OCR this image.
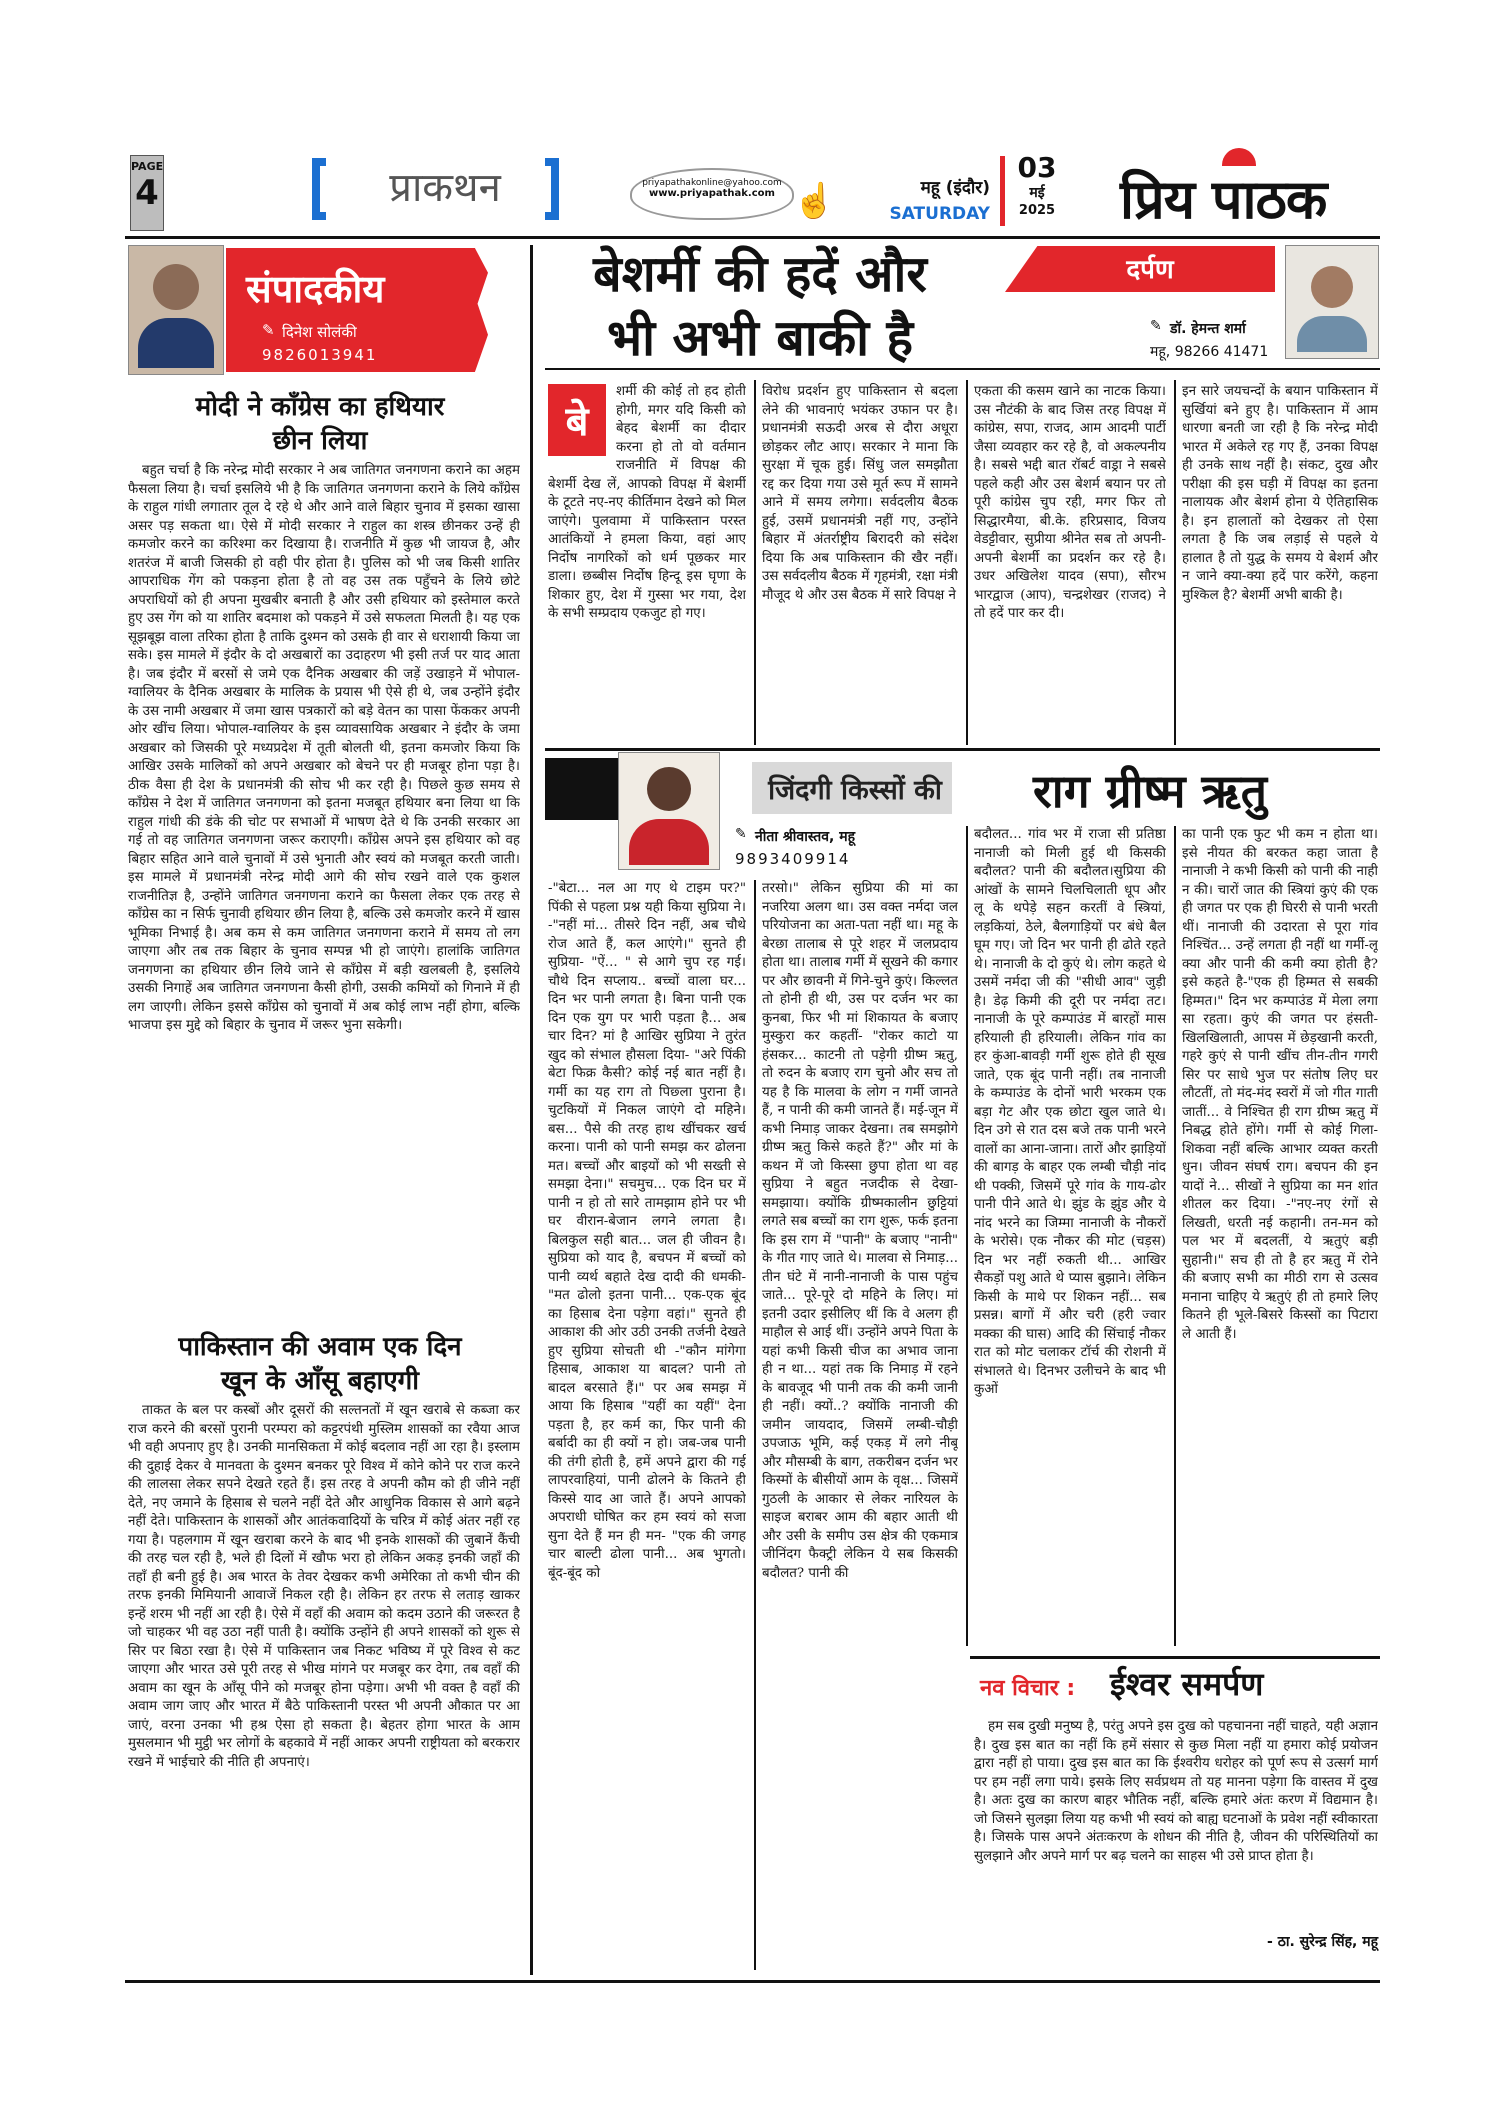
PAGE
4	प्राकथन	priyapathakonline@yahoo.com
www.priyapathak.com ☝	महू (इंदौर)
SATURDAY
03
मई
2025 प्रिय पाठक
संपादकीय
✎ दिनेश सोलंकी
9826013941
मोदी ने काँग्रेस का हथियार छीन लिया

बहुत चर्चा है कि नरेन्द्र मोदी सरकार ने अब जातिगत जनगणना कराने का अहम फैसला लिया है। चर्चा इसलिये भी है कि जातिगत जनगणना कराने के लिये काँग्रेस के राहुल गांधी लगातार तूल दे रहे थे और आने वाले बिहार चुनाव में इसका खासा असर पड़ सकता था। ऐसे में मोदी सरकार ने राहुल का शस्त्र छीनकर उन्हें ही कमजोर करने का करिश्मा कर दिखाया है। राजनीति में कुछ भी जायज है, और शतरंज में बाजी जिसकी हो वही पीर होता है। पुलिस को भी जब किसी शातिर आपराधिक गेंग को पकड़ना होता है तो वह उस तक पहुँचने के लिये छोटे अपराधियों को ही अपना मुखबीर बनाती है और उसी हथियार को इस्तेमाल करते हुए उस गेंग को या शातिर बदमाश को पकड़ने में उसे सफलता मिलती है। यह एक सूझबूझ वाला तरिका होता है ताकि दुश्मन को उसके ही वार से धराशायी किया जा सके। इस मामले में इंदौर के दो अखबारों का उदाहरण भी इसी तर्ज पर याद आता है। जब इंदौर में बरसों से जमे एक दैनिक अखबार की जड़ें उखाड़ने में भोपाल-ग्वालियर के दैनिक अखबार के मालिक के प्रयास भी ऐसे ही थे, जब उन्होंने इंदौर के उस नामी अखबार में जमा खास पत्रकारों को बड़े वेतन का पासा फेंककर अपनी ओर खींच लिया। भोपाल-ग्वालियर के इस व्यावसायिक अखबार ने इंदौर के जमा अखबार को जिसकी पूरे मध्यप्रदेश में तूती बोलती थी, इतना कमजोर किया कि आखिर उसके मालिकों को अपने अखबार को बेचने पर ही मजबूर होना पड़ा है। ठीक वैसा ही देश के प्रधानमंत्री की सोच भी कर रही है। पिछले कुछ समय से कॉंग्रेस ने देश में जातिगत जनगणना को इतना मजबूत हथियार बना लिया था कि राहुल गांधी की डंके की चोट पर सभाओं में भाषण देते थे कि उनकी सरकार आ गई तो वह जातिगत जनगणना जरूर कराएगी। कॉंग्रेस अपने इस हथियार को वह बिहार सहित आने वाले चुनावों में उसे भुनाती और स्वयं को मजबूत करती जाती। इस मामले में प्रधानमंत्री नरेन्द्र मोदी आगे की सोच रखने वाले एक कुशल राजनीतिज्ञ है, उन्होंने जातिगत जनगणना कराने का फैसला लेकर एक तरह से कॉंग्रेस का न सिर्फ चुनावी हथियार छीन लिया है, बल्कि उसे कमजोर करने में खास भूमिका निभाई है। अब कम से कम जातिगत जनगणना कराने में समय तो लग जाएगा और तब तक बिहार के चुनाव सम्पन्न भी हो जाएंगे। हालांकि जातिगत जनगणना का हथियार छीन लिये जाने से कॉंग्रेस में बड़ी खलबली है, इसलिये उसकी निगाहें अब जातिगत जनगणना कैसी होगी, उसकी कमियों को गिनाने में ही लग जाएगी। लेकिन इससे कॉंग्रेस को चुनावों में अब कोई लाभ नहीं होगा, बल्कि भाजपा इस मुद्दे को बिहार के चुनाव में जरूर भुना सकेगी।

पाकिस्तान की अवाम एक दिन खून के आँसू बहाएगी

ताकत के बल पर कस्बों और दूसरों की सल्तनतों में खून खराबे से कब्जा कर राज करने की बरसों पुरानी परम्परा को कट्टरपंथी मुस्लिम शासकों का रवैया आज भी वही अपनाए हुए है। उनकी मानसिकता में कोई बदलाव नहीं आ रहा है। इस्लाम की दुहाई देकर वे मानवता के दुश्मन बनकर पूरे विश्व में कोने कोने पर राज करने की लालसा लेकर सपने देखते रहते हैं। इस तरह वे अपनी कौम को ही जीने नहीं देते, नए जमाने के हिसाब से चलने नहीं देते और आधुनिक विकास से आगे बढ़ने नहीं देते। पाकिस्तान के शासकों और आतंकवादियों के चरित्र में कोई अंतर नहीं रह गया है। पहलगाम में खून खराबा करने के बाद भी इनके शासकों की जुबानें कैंची की तरह चल रही है, भले ही दिलों में खौफ भरा हो लेकिन अकड़ इनकी जहाँ की तहाँ ही बनी हुई है। अब भारत के तेवर देखकर कभी अमेरिका तो कभी चीन की तरफ इनकी मिमियानी आवाजें निकल रही है। लेकिन हर तरफ से लताड़ खाकर इन्हें शरम भी नहीं आ रही है। ऐसे में वहाँ की अवाम को कदम उठाने की जरूरत है जो चाहकर भी वह उठा नहीं पाती है। क्योंकि उन्होंने ही अपने शासकों को शुरू से सिर पर बिठा रखा है। ऐसे में पाकिस्तान जब निकट भविष्य में पूरे विश्व से कट जाएगा और भारत उसे पूरी तरह से भीख मांगने पर मजबूर कर देगा, तब वहाँ की अवाम का खून के आँसू पीने को मजबूर होना पड़ेगा। अभी भी वक्त है वहाँ की अवाम जाग जाए और भारत में बैठे पाकिस्तानी परस्त भी अपनी औकात पर आ जाएं, वरना उनका भी हश्र ऐसा हो सकता है। बेहतर होगा भारत के आम मुसलमान भी मुट्ठी भर लोगों के बहकावे में नहीं आकर अपनी राष्ट्रीयता को बरकरार रखने में भाईचारे की नीति ही अपनाएं।

बेशर्मी की हदें और भी अभी बाकी है
दर्पण
✎ डॉ. हेमन्त शर्मा
महू, 98266 41471
बे
शर्मी की कोई तो हद होती होगी, मगर यदि किसी को बेहद बेशर्मी का दीदार करना हो तो वो वर्तमान राजनीति में विपक्ष की बेशर्मी देख लें, आपको विपक्ष में बेशर्मी के टूटते नए-नए कीर्तिमान देखने को मिल जाएंगे। पुलवामा में पाकिस्तान परस्त आतंकियों ने हमला किया, वहां आए निर्दोष नागरिकों को धर्म पूछकर मार डाला। छब्बीस निर्दोष हिन्दू इस घृणा के शिकार हुए, देश में गुस्सा भर गया, देश के सभी सम्प्रदाय एकजुट हो गए।
विरोध प्रदर्शन हुए पाकिस्तान से बदला लेने की भावनाएं भयंकर उफान पर है। प्रधानमंत्री सऊदी अरब से दौरा अधूरा छोड़कर लौट आए। सरकार ने माना कि सुरक्षा में चूक हुई। सिंधु जल समझौता रद्द कर दिया गया उसे मूर्त रूप में सामने आने में समय लगेगा। सर्वदलीय बैठक हुई, उसमें प्रधानमंत्री नहीं गए, उन्होंने बिहार में अंतर्राष्ट्रीय बिरादरी को संदेश दिया कि अब पाकिस्तान की खैर नहीं। उस सर्वदलीय बैठक में गृहमंत्री, रक्षा मंत्री मौजूद थे और उस बैठक में सारे विपक्ष ने
एकता की कसम खाने का नाटक किया। उस नौटंकी के बाद जिस तरह विपक्ष में कांग्रेस, सपा, राजद, आम आदमी पार्टी जैसा व्यवहार कर रहे है, वो अकल्पनीय है। सबसे भद्दी बात रॉबर्ट वाड्रा ने सबसे पहले कही और उस बेशर्म बयान पर तो पूरी कांग्रेस चुप रही, मगर फिर तो सिद्धारमैया, बी.के. हरिप्रसाद, विजय वेडट्टीवार, सुप्रीया श्रीनेत सब तो अपनी-अपनी बेशर्मी का प्रदर्शन कर रहे है। उधर अखिलेश यादव (सपा), सौरभ भारद्वाज (आप), चन्द्रशेखर (राजद) ने तो हदें पार कर दी।
इन सारे जयचन्दों के बयान पाकिस्तान में सुर्खियां बने हुए है। पाकिस्तान में आम धारणा बनती जा रही है कि नरेन्द्र मोदी भारत में अकेले रह गए हैं, उनका विपक्ष ही उनके साथ नहीं है। संकट, दुख और परीक्षा की इस घड़ी में विपक्ष का इतना नालायक और बेशर्म होना ये ऐतिहासिक है। इन हालातों को देखकर तो ऐसा लगता है कि जब लड़ाई से पहले ये हालात है तो युद्ध के समय ये बेशर्म और न जाने क्या-क्या हदें पार करेंगे, कहना मुश्किल है? बेशर्मी अभी बाकी है।
जिंदगी किस्सों की
✎ नीता श्रीवास्तव, महू
9893409914
राग ग्रीष्म ऋतु
-"बेटा... नल आ गए थे टाइम पर?" पिंकी से पहला प्रश्न यही किया सुप्रिया ने। -"नहीं मां... तीसरे दिन नहीं, अब चौथे रोज आते हैं, कल आएंगे।" सुनते ही सुप्रिया- "ऐं... " से आगे चुप रह गई। चौथे दिन सप्लाय.. बच्चों वाला घर... दिन भर पानी लगता है। बिना पानी एक दिन एक युग पर भारी पड़ता है... अब चार दिन? मां है आखिर सुप्रिया ने तुरंत खुद को संभाल हौसला दिया- "अरे पिंकी बेटा फिक्र कैसी? कोई नई बात नहीं है। गर्मी का यह राग तो पिछ्ला पुराना है। चुटकियों में निकल जाएंगे दो महिने। बस... पैसे की तरह हाथ खींचकर खर्च करना। पानी को पानी समझ कर ढोलना मत। बच्चों और बाइयों को भी सख्ती से समझा देना।" सचमुच... एक दिन घर में पानी न हो तो सारे तामझाम होने पर भी घर वीरान-बेजान लगने लगता है। बिलकुल सही बात... जल ही जीवन है। सुप्रिया को याद है, बचपन में बच्चों को पानी व्यर्थ बहाते देख दादी की धमकी- "मत ढोलो इतना पानी... एक-एक बूंद का हिसाब देना पड़ेगा वहां।" सुनते ही आकाश की ओर उठी उनकी तर्जनी देखते हुए सुप्रिया सोचती थी -"कौन मांगेगा हिसाब, आकाश या बादल? पानी तो बादल बरसाते हैं।" पर अब समझ में आया कि हिसाब "यहीं का यहीं" देना पड़ता है, हर कर्म का, फिर पानी की बर्बादी का ही क्यों न हो। जब-जब पानी की तंगी होती है, हमें अपने द्वारा की गई लापरवाहियां, पानी ढोलने के कितने ही किस्से याद आ जाते हैं। अपने आपको अपराधी घोषित कर हम स्वयं को सजा सुना देते हैं मन ही मन- "एक की जगह चार बाल्टी ढोला पानी... अब भुगतो। बूंद-बूंद को
तरसो।" लेकिन सुप्रिया की मां का नजरिया अलग था। उस वक्त नर्मदा जल परियोजना का अता-पता नहीं था। महू के बेरछा तालाब से पूरे शहर में जलप्रदाय होता था। तालाब गर्मी में सूखने की कगार पर और छावनी में गिने-चुने कुएं। किल्लत तो होनी ही थी, उस पर दर्जन भर का कुनबा, फिर भी मां शिकायत के बजाए मुस्कुरा कर कहतीं- "रोकर काटो या हंसकर... काटनी तो पड़ेगी ग्रीष्म ऋतु, तो रुदन के बजाए राग चुनो और सच तो यह है कि मालवा के लोग न गर्मी जानते हैं, न पानी की कमी जानते हैं। मई-जून में कभी निमाड़ जाकर देखना। तब समझोगे ग्रीष्म ऋतु किसे कहते हैं?" और मां के कथन में जो किस्सा छुपा होता था वह सुप्रिया ने बहुत नजदीक से देखा-समझाया। क्योंकि ग्रीष्मकालीन छुट्टियां लगते सब बच्चों का राग शुरू, फर्क इतना कि इस राग में "पानी" के बजाए "नानी" के गीत गाए जाते थे। मालवा से निमाड़... तीन घंटे में नानी-नानाजी के पास पहुंच जाते... पूरे-पूरे दो महिने के लिए। मां इतनी उदार इसीलिए थीं कि वे अलग ही माहौल से आई थीं। उन्होंने अपने पिता के यहां कभी किसी चीज का अभाव जाना ही न था... यहां तक कि निमाड़ में रहने के बावजूद भी पानी तक की कमी जानी ही नहीं। क्यों..? क्योंकि नानाजी की जमीन जायदाद, जिसमें लम्बी-चौड़ी उपजाऊ भूमि, कई एकड़ में लगे नीबू और मौसम्बी के बाग, तकरीबन दर्जन भर किस्मों के बीसीयों आम के वृक्ष... जिसमें गुठली के आकार से लेकर नारियल के साइज बराबर आम की बहार आती थी और उसी के समीप उस क्षेत्र की एकमात्र जीनिंदग फैक्ट्री लेकिन ये सब किसकी बदौलत? पानी की
बदौलत... गांव भर में राजा सी प्रतिष्ठा नानाजी को मिली हुई थी किसकी बदौलत? पानी की बदौलत।सुप्रिया की आंखों के सामने चिलचिलाती धूप और लू के थपेड़े सहन करतीं वे स्त्रियां, लड़कियां, ठेले, बैलगाड़ियों पर बंधे बैल घूम गए। जो दिन भर पानी ही ढोते रहते थे। नानाजी के दो कुएं थे। लोग कहते थे उसमें नर्मदा जी की "सीधी आव" जुड़ी है। डेढ़ किमी की दूरी पर नर्मदा तट। नानाजी के पूरे कम्पाउंड में बारहों मास हरियाली ही हरियाली। लेकिन गांव का हर कुंआ-बावड़ी गर्मी शुरू होते ही सूख जाते, एक बूंद पानी नहीं। तब नानाजी के कम्पाउंड के दोनों भारी भरकम एक बड़ा गेट और एक छोटा खुल जाते थे। दिन उगे से रात दस बजे तक पानी भरने वालों का आना-जाना। तारों और झाड़ियों की बागड़ के बाहर एक लम्बी चौड़ी नांद थी पक्की, जिसमें पूरे गांव के गाय-ढोर पानी पीने आते थे। झुंड के झुंड और ये नांद भरने का जिम्मा नानाजी के नौकरों के भरोसे। एक नौकर की मोट (चड़स) दिन भर नहीं रुकती थी... आखिर सैकड़ों पशु आते थे प्यास बुझाने। लेकिन किसी के माथे पर शिकन नहीं... सब प्रसन्न। बागों में और चरी (हरी ज्वार मक्का की घास) आदि की सिंचाई नौकर रात को मोट चलाकर टॉर्च की रोशनी में संभालते थे। दिनभर उलीचने के बाद भी कुओं
का पानी एक फुट भी कम न होता था। इसे नीयत की बरकत कहा जाता है नानाजी ने कभी किसी को पानी की नाही न की। चारों जात की स्त्रियां कुएं की एक ही जगत पर एक ही घिररी से पानी भरती थीं। नानाजी की उदारता से पूरा गांव निश्चिंत... उन्हें लगता ही नहीं था गर्मी-लू क्या और पानी की कमी क्या होती है? इसे कहते है-"एक ही हिम्मत से सबकी हिम्मत।" दिन भर कम्पाउंड में मेला लगा सा रहता। कुएं की जगत पर हंसती-खिलखिलाती, आपस में छेड़खानी करती, गहरे कुएं से पानी खींच तीन-तीन गगरी सिर पर साधे भुज पर संतोष लिए घर लौटतीं, तो मंद-मंद स्वरों में जो गीत गाती जातीं... वे निश्चित ही राग ग्रीष्म ऋतु में निबद्ध होते होंगे। गर्मी से कोई गिला-शिकवा नहीं बल्कि आभार व्यक्त करती धुन। जीवन संघर्ष राग। बचपन की इन यादों ने... सीखों ने सुप्रिया का मन शांत शीतल कर दिया। -"नए-नए रंगों से लिखती, धरती नई कहानी। तन-मन को पल भर में बदलतीं, ये ऋतुएं बड़ी सुहानी।" सच ही तो है हर ऋतु में रोने की बजाए सभी का मीठी राग से उत्सव मनाना चाहिए ये ऋतुएं ही तो हमारे लिए कितने ही भूले-बिसरे किस्सों का पिटारा ले आती हैं।
नव विचार : ईश्वर समर्पण

हम सब दुखी मनुष्य है, परंतु अपने इस दुख को पहचानना नहीं चाहते, यही अज्ञान है। दुख इस बात का नहीं कि हमें संसार से कुछ मिला नहीं या हमारा कोई प्रयोजन द्वारा नहीं हो पाया। दुख इस बात का कि ईश्वरीय धरोहर को पूर्ण रूप से उत्सर्ग मार्ग पर हम नहीं लगा पाये। इसके लिए सर्वप्रथम तो यह मानना पड़ेगा कि वास्तव में दुख है। अतः दुख का कारण बाहर भौतिक नहीं, बल्कि हमारे अंतः करण में विद्यमान है। जो जिसने सुलझा लिया यह कभी भी स्वयं को बाह्य घटनाओं के प्रवेश नहीं स्वीकारता है। जिसके पास अपने अंतःकरण के शोधन की नीति है, जीवन की परिस्थितियों का सुलझाने और अपने मार्ग पर बढ़ चलने का साहस भी उसे प्राप्त होता है।

- ठा. सुरेन्द्र सिंह, महू
